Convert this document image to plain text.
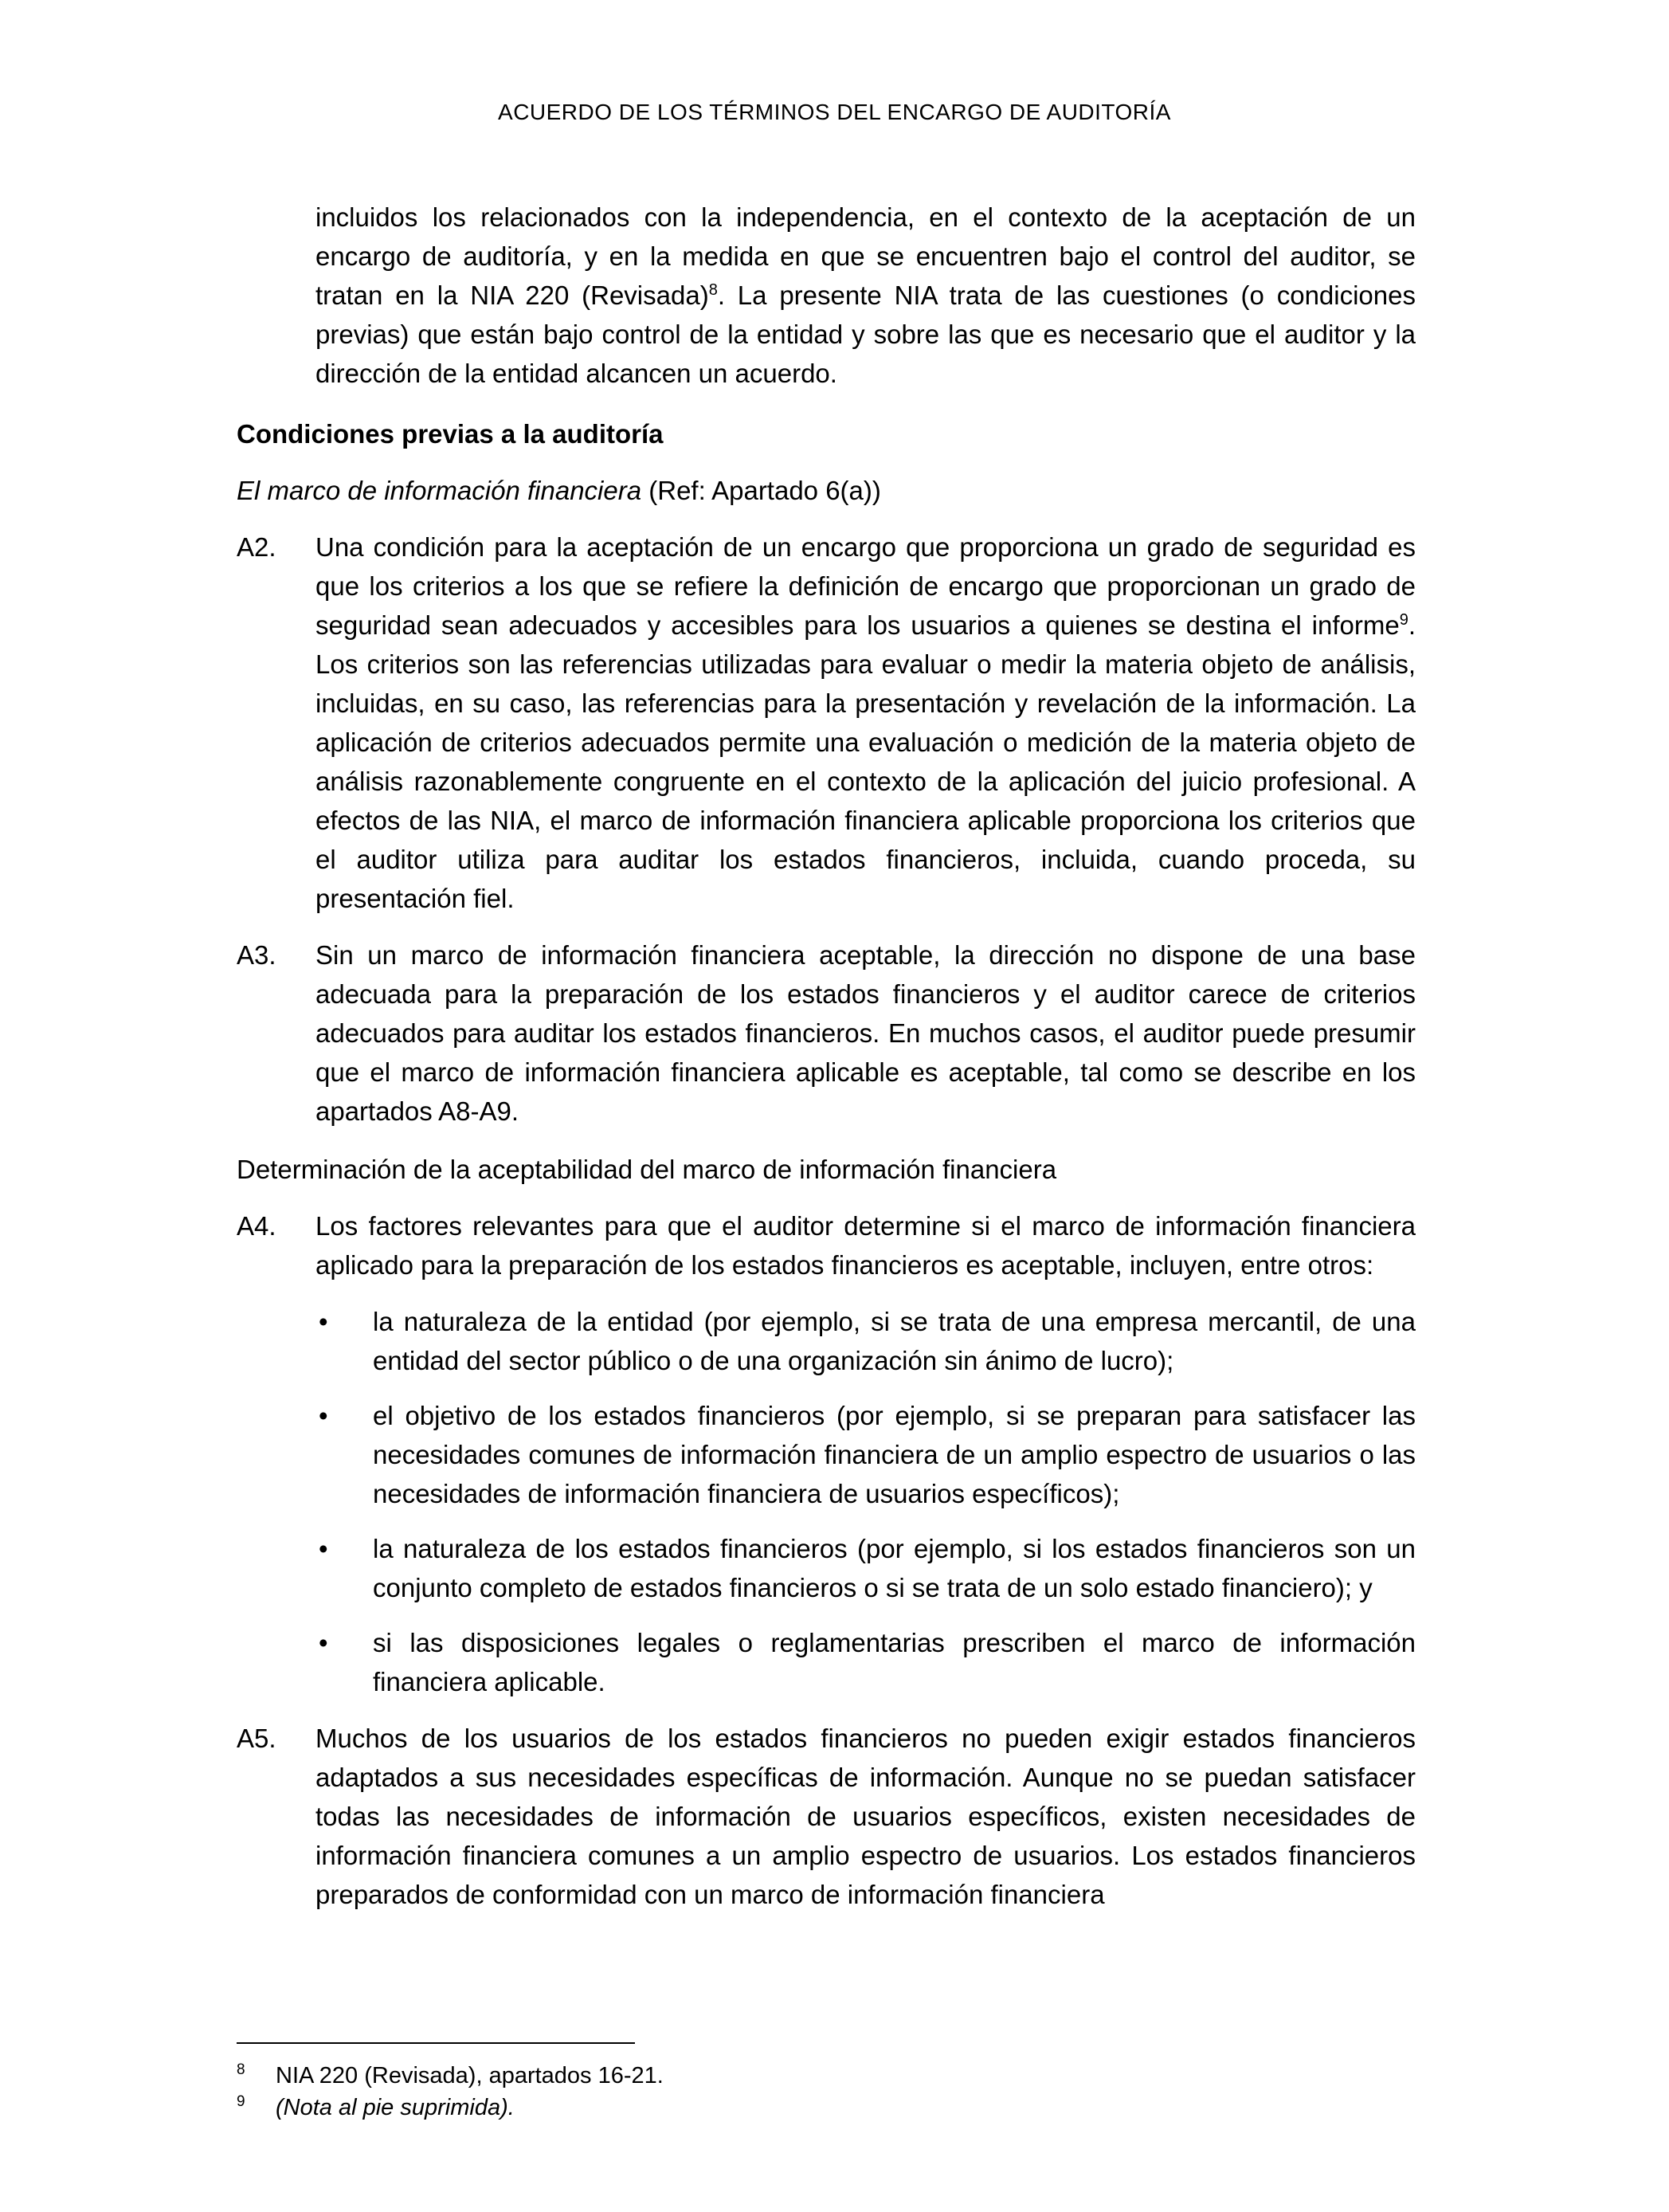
ACUERDO DE LOS TÉRMINOS DEL ENCARGO DE AUDITORÍA
incluidos los relacionados con la independencia, en el contexto de la aceptación de un encargo de auditoría, y en la medida en que se encuentren bajo el control del auditor, se tratan en la NIA 220 (Revisada)$^8$. La presente NIA trata de las cuestiones (o condiciones previas) que están bajo control de la entidad y sobre las que es necesario que el auditor y la dirección de la entidad alcancen un acuerdo.
Condiciones previas a la auditoría
El marco de información financiera (Ref: Apartado 6(a))
A2.	Una condición para la aceptación de un encargo que proporciona un grado de seguridad es que los criterios a los que se refiere la definición de encargo que proporcionan un grado de seguridad sean adecuados y accesibles para los usuarios a quienes se destina el informe$^9$. Los criterios son las referencias utilizadas para evaluar o medir la materia objeto de análisis, incluidas, en su caso, las referencias para la presentación y revelación de la información. La aplicación de criterios adecuados permite una evaluación o medición de la materia objeto de análisis razonablemente congruente en el contexto de la aplicación del juicio profesional. A efectos de las NIA, el marco de información financiera aplicable proporciona los criterios que el auditor utiliza para auditar los estados financieros, incluida, cuando proceda, su presentación fiel.
A3.	Sin un marco de información financiera aceptable, la dirección no dispone de una base adecuada para la preparación de los estados financieros y el auditor carece de criterios adecuados para auditar los estados financieros. En muchos casos, el auditor puede presumir que el marco de información financiera aplicable es aceptable, tal como se describe en los apartados A8-A9.
Determinación de la aceptabilidad del marco de información financiera
A4.	Los factores relevantes para que el auditor determine si el marco de información financiera aplicado para la preparación de los estados financieros es aceptable, incluyen, entre otros:
•	la naturaleza de la entidad (por ejemplo, si se trata de una empresa mercantil, de una entidad del sector público o de una organización sin ánimo de lucro);
•	el objetivo de los estados financieros (por ejemplo, si se preparan para satisfacer las necesidades comunes de información financiera de un amplio espectro de usuarios o las necesidades de información financiera de usuarios específicos);
•	la naturaleza de los estados financieros (por ejemplo, si los estados financieros son un conjunto completo de estados financieros o si se trata de un solo estado financiero); y
•	si las disposiciones legales o reglamentarias prescriben el marco de información financiera aplicable.
A5.	Muchos de los usuarios de los estados financieros no pueden exigir estados financieros adaptados a sus necesidades específicas de información. Aunque no se puedan satisfacer todas las necesidades de información de usuarios específicos, existen necesidades de información financiera comunes a un amplio espectro de usuarios. Los estados financieros preparados de conformidad con un marco de información financiera
8	NIA 220 (Revisada), apartados 16-21.
9	(Nota al pie suprimida).
